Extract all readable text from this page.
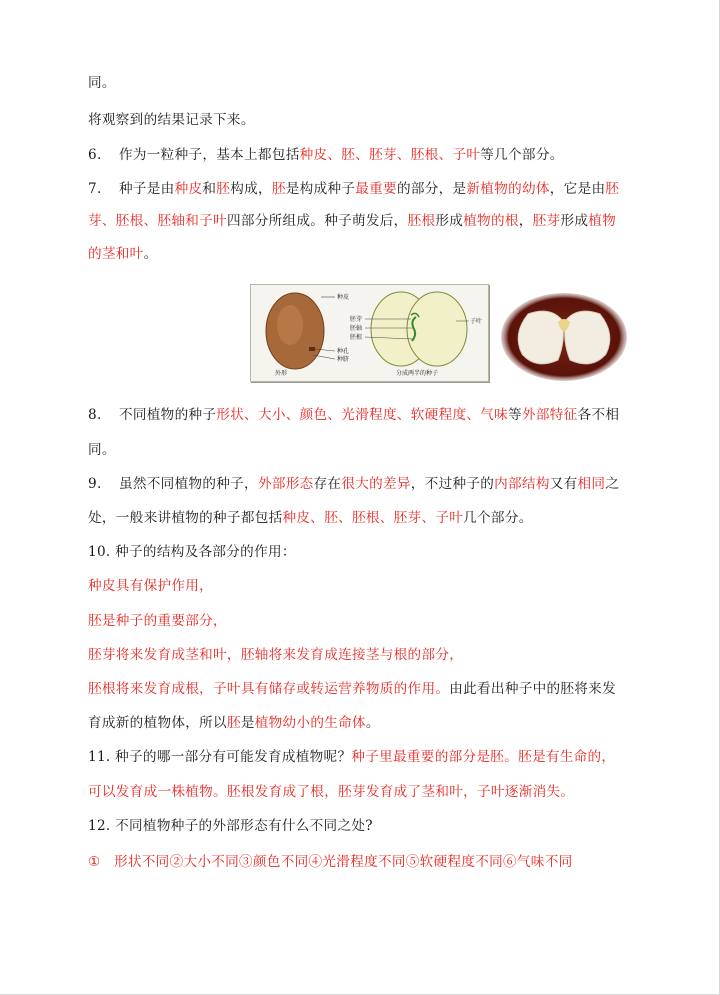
同。
将观察到的结果记录下来。
6. 作为一粒种子，基本上都包括种皮、胚、胚芽、胚根、子叶等几个部分。
7. 种子是由种皮和胚构成，胚是构成种子最重要的部分，是新植物的幼体，它是由胚
芽、胚根、胚轴和子叶四部分所组成。种子萌发后，胚根形成植物的根，胚芽形成植物
的茎和叶。
种皮
种孔
种脐
外形
胚芽
胚轴
胚根
子叶
分成两半的种子
8. 不同植物的种子形状、大小、颜色、光滑程度、软硬程度、气味等外部特征各不相
同。
9. 虽然不同植物的种子，外部形态存在很大的差异，不过种子的内部结构又有相同之
处，一般来讲植物的种子都包括种皮、胚、胚根、胚芽、子叶几个部分。
10. 种子的结构及各部分的作用：
种皮具有保护作用，
胚是种子的重要部分，
胚芽将来发育成茎和叶，胚轴将来发育成连接茎与根的部分，
胚根将来发育成根，子叶具有储存或转运营养物质的作用。由此看出种子中的胚将来发
育成新的植物体，所以胚是植物幼小的生命体。
11. 种子的哪一部分有可能发育成植物呢？种子里最重要的部分是胚。胚是有生命的，
可以发育成一株植物。胚根发育成了根，胚芽发育成了茎和叶，子叶逐渐消失。
12. 不同植物种子的外部形态有什么不同之处?
① 形状不同②大小不同③颜色不同④光滑程度不同⑤软硬程度不同⑥气味不同
